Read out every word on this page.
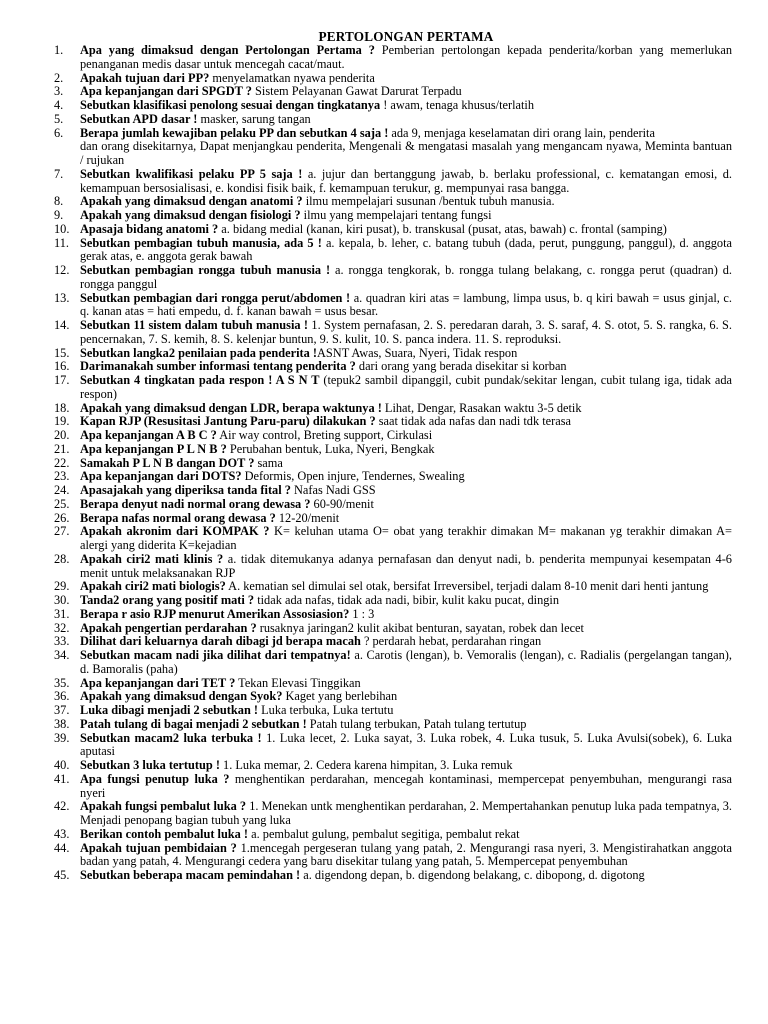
PERTOLONGAN PERTAMA
1.	Apa yang dimaksud dengan Pertolongan Pertama ? Pemberian pertolongan kepada penderita/korban yang memerlukan penanganan medis dasar untuk mencegah cacat/maut.
2.	Apakah tujuan dari PP? menyelamatkan nyawa penderita
3.	Apa kepanjangan dari SPGDT ? Sistem Pelayanan Gawat Darurat Terpadu
4.	Sebutkan klasifikasi penolong sesuai dengan tingkatanya ! awam, tenaga khusus/terlatih
5.	Sebutkan APD dasar ! masker, sarung tangan
6.	Berapa jumlah kewajiban pelaku PP dan sebutkan 4 saja ! ada 9, menjaga keselamatan diri orang lain, penderita
dan orang disekitarnya, Dapat menjangkau penderita, Mengenali & mengatasi masalah yang mengancam nyawa, Meminta bantuan / rujukan
7.	Sebutkan kwalifikasi pelaku PP 5 saja ! a. jujur dan bertanggung jawab, b. berlaku professional, c. kematangan emosi, d. kemampuan bersosialisasi, e. kondisi fisik baik, f. kemampuan terukur, g. mempunyai rasa bangga.
8.	Apakah yang dimaksud dengan anatomi ? ilmu mempelajari susunan /bentuk tubuh manusia.
9.	Apakah yang dimaksud dengan fisiologi ? ilmu yang mempelajari tentang fungsi
10. Apasaja bidang anatomi ? a. bidang medial (kanan, kiri pusat), b. transkusal (pusat, atas, bawah) c. frontal (samping)
11. Sebutkan pembagian tubuh manusia, ada 5 ! a. kepala, b. leher, c. batang tubuh (dada, perut, punggung, panggul), d. anggota gerak atas, e. anggota gerak bawah
12. Sebutkan pembagian rongga tubuh manusia ! a. rongga tengkorak, b. rongga tulang belakang, c. rongga perut (quadran) d. rongga panggul
13. Sebutkan pembagian dari rongga perut/abdomen ! a. quadran kiri atas = lambung, limpa usus, b. q kiri bawah = usus ginjal, c. q. kanan atas = hati empedu, d. f. kanan bawah = usus besar.
14. Sebutkan 11 sistem dalam tubuh manusia ! 1. System pernafasan, 2. S. peredaran darah, 3. S. saraf, 4. S. otot, 5. S. rangka, 6. S. pencernakan, 7. S. kemih, 8. S. kelenjar buntun, 9. S. kulit, 10. S. panca indera. 11. S. reproduksi.
15. Sebutkan langka2 penilaian pada penderita !ASNT Awas, Suara, Nyeri, Tidak respon
16. Darimanakah sumber informasi tentang penderita ? dari orang yang berada disekitar si korban
17. Sebutkan 4 tingkatan pada respon ! A S N T (tepuk2 sambil dipanggil, cubit pundak/sekitar lengan, cubit tulang iga, tidak ada respon)
18. Apakah yang dimaksud dengan LDR, berapa waktunya ! Lihat, Dengar, Rasakan waktu 3-5 detik
19. Kapan RJP (Resusitasi Jantung Paru-paru) dilakukan ? saat tidak ada nafas dan nadi tdk terasa
20. Apa kepanjangan A B C ? Air way control, Breting support, Cirkulasi
21. Apa kepanjangan P L N B ? Perubahan bentuk, Luka, Nyeri, Bengkak
22. Samakah P L N B dangan DOT ? sama
23. Apa kepanjangan dari DOTS? Deformis, Open injure, Tendernes, Swealing
24. Apasajakah yang diperiksa tanda fital ? Nafas Nadi GSS
25. Berapa denyut nadi normal orang dewasa ? 60-90/menit
26. Berapa nafas normal orang dewasa ? 12-20/menit
27. Apakah akronim dari KOMPAK ? K= keluhan utama O= obat yang terakhir dimakan M= makanan yg terakhir dimakan A= alergi yang diderita K=kejadian
28. Apakah ciri2 mati klinis ? a. tidak ditemukanya adanya pernafasan dan denyut nadi, b. penderita mempunyai kesempatan 4-6 menit untuk melaksanakan RJP
29. Apakah ciri2 mati biologis? A. kematian sel dimulai sel otak, bersifat Irreversibel, terjadi dalam 8-10 menit dari henti jantung
30. Tanda2 orang yang positif mati ? tidak ada nafas, tidak ada nadi, bibir, kulit kaku pucat, dingin
31. Berapa r asio RJP menurut Amerikan Assosiasion? 1 : 3
32. Apakah pengertian perdarahan ? rusaknya jaringan2 kulit akibat benturan, sayatan, robek dan lecet
33. Dilihat dari keluarnya darah dibagi jd berapa macah ? perdarah hebat, perdarahan ringan
34. Sebutkan macam nadi jika dilihat dari tempatnya! a. Carotis (lengan), b. Vemoralis (lengan), c. Radialis (pergelangan tangan), d. Bamoralis (paha)
35. Apa kepanjangan dari TET ? Tekan Elevasi Tinggikan
36. Apakah yang dimaksud dengan Syok? Kaget yang berlebihan
37. Luka dibagi menjadi 2 sebutkan ! Luka terbuka, Luka tertutu
38. Patah tulang di bagai menjadi 2 sebutkan ! Patah tulang terbukan, Patah tulang tertutup
39. Sebutkan macam2 luka terbuka ! 1. Luka lecet, 2. Luka sayat, 3. Luka robek, 4. Luka tusuk, 5. Luka Avulsi(sobek), 6. Luka aputasi
40. Sebutkan 3 luka tertutup ! 1. Luka memar, 2. Cedera karena himpitan, 3. Luka remuk
41. Apa fungsi penutup luka ? menghentikan perdarahan, mencegah kontaminasi, mempercepat penyembuhan, mengurangi rasa nyeri
42. Apakah fungsi pembalut luka ? 1. Menekan untk menghentikan perdarahan, 2. Mempertahankan penutup luka pada tempatnya, 3. Menjadi penopang bagian tubuh yang luka
43. Berikan contoh pembalut luka ! a. pembalut gulung, pembalut segitiga, pembalut rekat
44. Apakah tujuan pembidaian ? 1.mencegah pergeseran tulang yang patah, 2. Mengurangi rasa nyeri, 3. Mengistirahatkan anggota badan yang patah, 4. Mengurangi cedera yang baru disekitar tulang yang patah, 5. Mempercepat penyembuhan
45. Sebutkan beberapa macam pemindahan ! a. digendong depan, b. digendong belakang, c. dibopong, d. digotong
